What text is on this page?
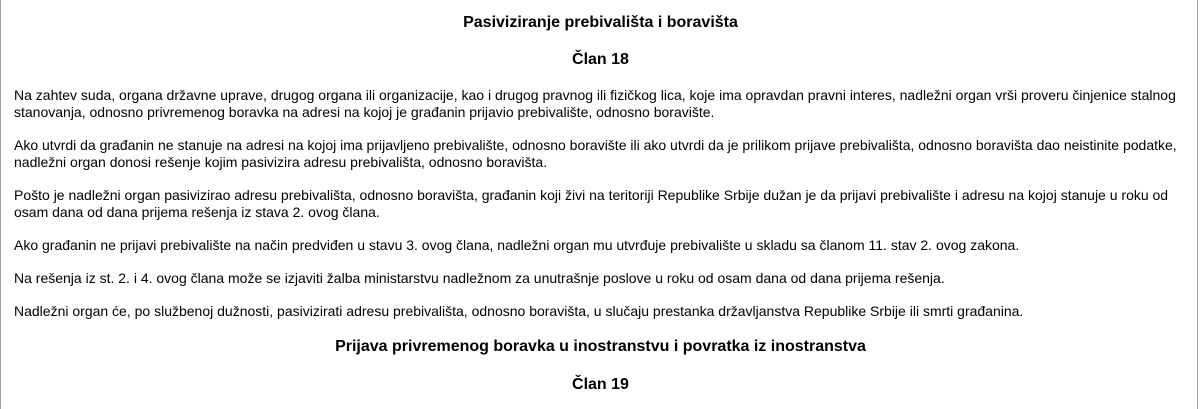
Pasiviziranje prebivališta i boravišta
Član 18

Na zahtev suda, organa državne uprave, drugog organa ili organizacije, kao i drugog pravnog ili fizičkog lica, koje ima opravdan pravni interes, nadležni organ vrši proveru činjenice stalnog stanovanja, odnosno privremenog boravka na adresi na kojoj je građanin prijavio prebivalište, odnosno boravište.

Ako utvrdi da građanin ne stanuje na adresi na kojoj ima prijavljeno prebivalište, odnosno boravište ili ako utvrdi da je prilikom prijave prebivališta, odnosno boravišta dao neistinite podatke, nadležni organ donosi rešenje kojim pasivizira adresu prebivališta, odnosno boravišta.

Pošto je nadležni organ pasivizirao adresu prebivališta, odnosno boravišta, građanin koji živi na teritoriji Republike Srbije dužan je da prijavi prebivalište i adresu na kojoj stanuje u roku od osam dana od dana prijema rešenja iz stava 2. ovog člana.

Ako građanin ne prijavi prebivalište na način predviđen u stavu 3. ovog člana, nadležni organ mu utvrđuje prebivalište u skladu sa članom 11. stav 2. ovog zakona.

Na rešenja iz st. 2. i 4. ovog člana može se izjaviti žalba ministarstvu nadležnom za unutrašnje poslove u roku od osam dana od dana prijema rešenja.

Nadležni organ će, po službenoj dužnosti, pasivizirati adresu prebivališta, odnosno boravišta, u slučaju prestanka državljanstva Republike Srbije ili smrti građanina.

Prijava privremenog boravka u inostranstvu i povratka iz inostranstva
Član 19
